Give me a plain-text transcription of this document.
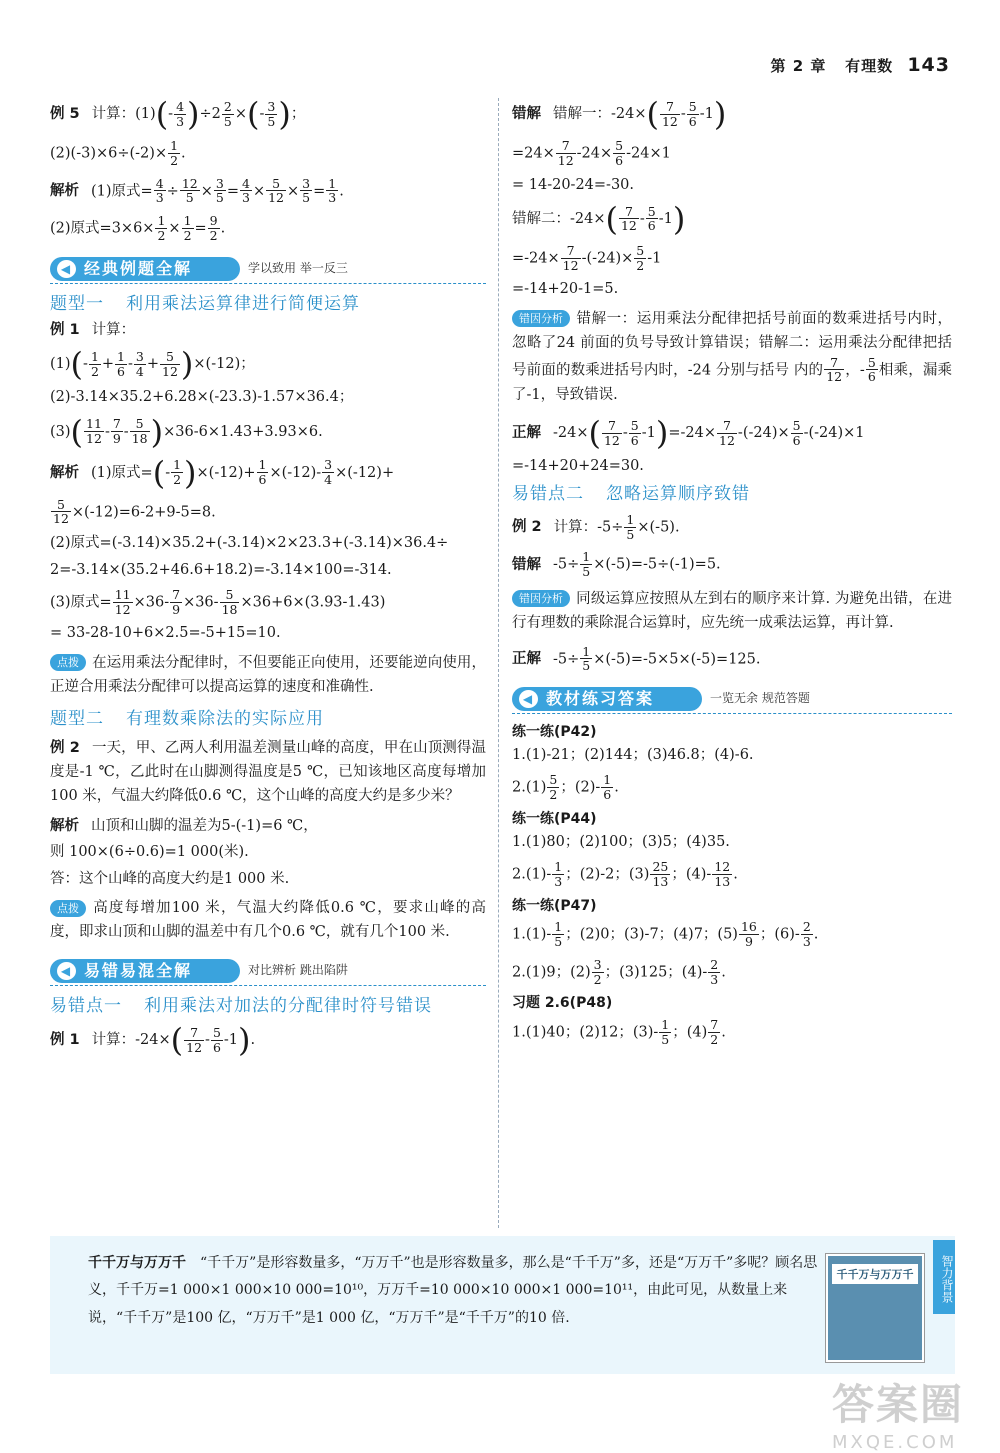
第 2 章 有理数 143
例 5 计算：$(1)(- \frac{4}{3} )\div 2 \frac{2}{5}$ ×(- $\frac{3}{5}$ )；
$(2)(-3)\times 6\div(-2)\times \frac{1}{2}$ .
解析 (1)原式= $\frac{4}{3} \div \frac{12}{5} \times \frac{3}{5} = \frac{4}{3} \times \frac{5}{12} \times \frac{3}{5} = \frac{1}{3}$ .
(2)原式$=3\times 6\times \frac{1}{2} \times \frac{1}{2} = \frac{9}{2}$ .
◀ 经典例题全解	学以致用 举一反三
题型一 利用乘法运算律进行简便运算
例 1 计算：
$(1)(- \frac{1}{2} + \frac{1}{6} - \frac{3}{4} + \frac{5}{12} )\times(-12)$；
(2)-3.14×35.2+6.28×(-23.3)-1.57×36.4；
$(3)( \frac{11}{12} - \frac{7}{9} - \frac{5}{18} )\times 36-6\times 1.43+3.93\times 6$.
解析 (1)原式=(- $\frac{1}{2} )\times(-12)+ \frac{1}{6} \times(-12)- \frac{3}{4} \times(-12)+$
$\frac{5}{12} \times(-12)=6-2+9-5=8$.
(2)原式=(-3.14)×35.2+(-3.14)×2×23.3+(-3.14)×36.4÷
2=-3.14×(35.2+46.6+18.2)=-3.14×100=-314.
(3)原式= $\frac{11}{12} \times 36- \frac{7}{9} \times 36- \frac{5}{18} \times 36+6\times(3.93-1.43)$
= 33-28-10+6×2.5=-5+15=10.
点拨 在运用乘法分配律时，不但要能正向使用，还要能逆向使用，正逆合用乘法分配律可以提高运算的速度和准确性.
题型二 有理数乘除法的实际应用
例 2 一天，甲、乙两人利用温差测量山峰的高度，甲在山顶测得温度是-1 ℃，乙此时在山脚测得温度是5 ℃，已知该地区高度每增加100 米，气温大约降低0.6 ℃，这个山峰的高度大约是多少米？
解析 山顶和山脚的温差为5-(-1)=6 ℃，
则 100×(6÷0.6)=1 000(米).
答：这个山峰的高度大约是1 000 米.
点拨 高度每增加100 米，气温大约降低0.6 ℃，要求山峰的高度，即求山顶和山脚的温差中有几个0.6 ℃，就有几个100 米.
◀ 易错易混全解	对比辨析 跳出陷阱
易错点一 利用乘法对加法的分配律时符号错误
例 1 计算：$-24\times( \frac{7}{12} - \frac{5}{6} -1)$.
错解 错解一：$-24\times( \frac{7}{12} - \frac{5}{6} -1)$
$=24\times \frac{7}{12} -24\times \frac{5}{6} -24\times 1$
= 14-20-24=-30.
错解二：$-24\times( \frac{7}{12} - \frac{5}{6} -1)$
$=-24\times \frac{7}{12} -(-24)\times \frac{5}{2} -1$
=-14+20-1=5.
错因分析 错解一：运用乘法分配律把括号前面的数乘进括号内时，忽略了24 前面的负号导致计算错误；错解二：运用乘法分配律把括号前面的数乘进括号内时，-24 分别与括号 内的 $\frac{7}{12}$ ，- $\frac{5}{6}$ 相乘，漏乘了-1，导致错误.
正解 $-24\times( \frac{7}{12} - \frac{5}{6} -1)=-24\times \frac{7}{12} -(-24)\times \frac{5}{6} -(-24)\times 1$
=-14+20+24=30.
易错点二 忽略运算顺序致错
例 2 计算：$-5\div \frac{1}{5} \times(-5)$.
错解 $-5\div \frac{1}{5} \times(-5)=-5\div(-1)=5$.
错因分析 同级运算应按照从左到右的顺序来计算. 为避免出错，在进行有理数的乘除混合运算时，应先统一成乘法运算，再计算.
正解 $-5\div \frac{1}{5} \times(-5)=-5\times 5\times(-5)=125$.
◀ 教材练习答案	一览无余 规范答题
练一练(P42)
1.(1)-21；(2)144；(3)46.8；(4)-6.
$2.(1) \frac{5}{2}$ ；$(2)- \frac{1}{6}$ .
练一练(P44)
1.(1)80；(2)100；(3)5；(4)35.
$2.(1)- \frac{1}{3}$ ；(2)-2；$(3) \frac{25}{13}$ ；$(4)- \frac{12}{13}$ .
练一练(P47)
$1.(1)- \frac{1}{5}$ ；(2)0；(3)-7；(4)7；$(5) \frac{16}{9}$ ；$(6)- \frac{2}{3}$ .
2.(1)9；$(2) \frac{3}{2}$ ；(3)125；$(4)- \frac{2}{3}$ .
习题 2.6(P48)
1.(1)40；(2)12；$(3)- \frac{1}{5}$ ；$(4) \frac{7}{2}$ .
千千万与万万千 “千千万”是形容数量多，“万万千”也是形容数量多，那么是“千千万”多，还是“万万千”多呢？顾名思义，千千万=1 000×1 000×10 000=10¹⁰，万万千=10 000×10 000×1 000=10¹¹，由此可见，从数量上来说，“千千万”是100 亿，“万万千”是1 000 亿，“万万千”是“千千万”的10 倍.
千千万与万万千	智力背景
答案圈
MXQE.COM
